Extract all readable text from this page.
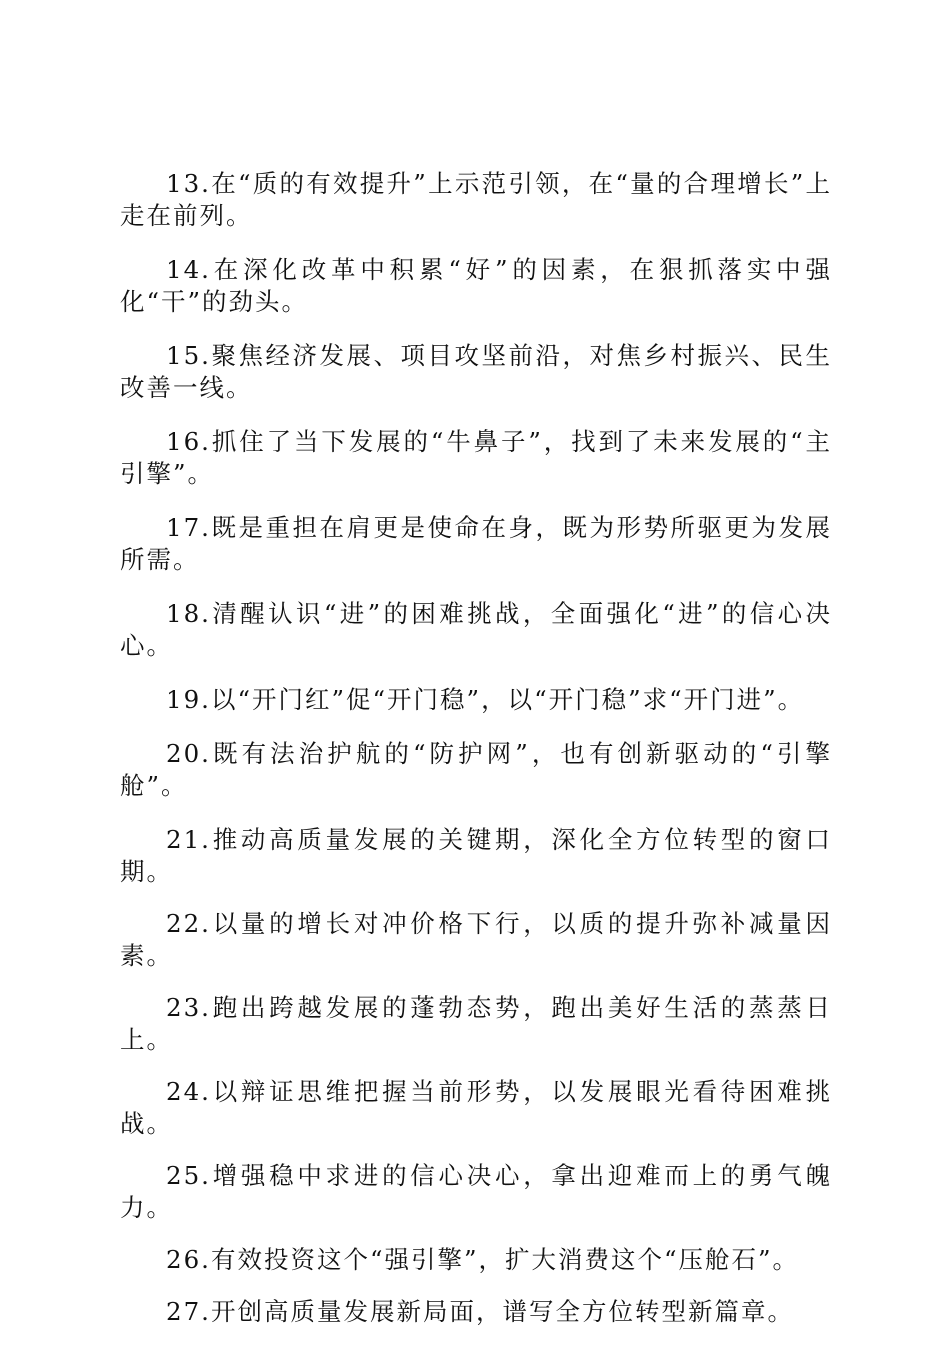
13.在“质的有效提升”上示范引领，在“量的合理增长”上走在前列。

14.在深化改革中积累“好”的因素，在狠抓落实中强化“干”的劲头。

15.聚焦经济发展、项目攻坚前沿，对焦乡村振兴、民生改善一线。

16.抓住了当下发展的“牛鼻子”，找到了未来发展的“主引擎”。

17.既是重担在肩更是使命在身，既为形势所驱更为发展所需。

18.清醒认识“进”的困难挑战，全面强化“进”的信心决心。

19.以“开门红”促“开门稳”，以“开门稳”求“开门进”。

20.既有法治护航的“防护网”，也有创新驱动的“引擎舱”。

21.推动高质量发展的关键期，深化全方位转型的窗口期。

22.以量的增长对冲价格下行，以质的提升弥补减量因素。

23.跑出跨越发展的蓬勃态势，跑出美好生活的蒸蒸日上。

24.以辩证思维把握当前形势，以发展眼光看待困难挑战。

25.增强稳中求进的信心决心，拿出迎难而上的勇气魄力。

26.有效投资这个“强引擎”，扩大消费这个“压舱石”。

27.开创高质量发展新局面，谱写全方位转型新篇章。
